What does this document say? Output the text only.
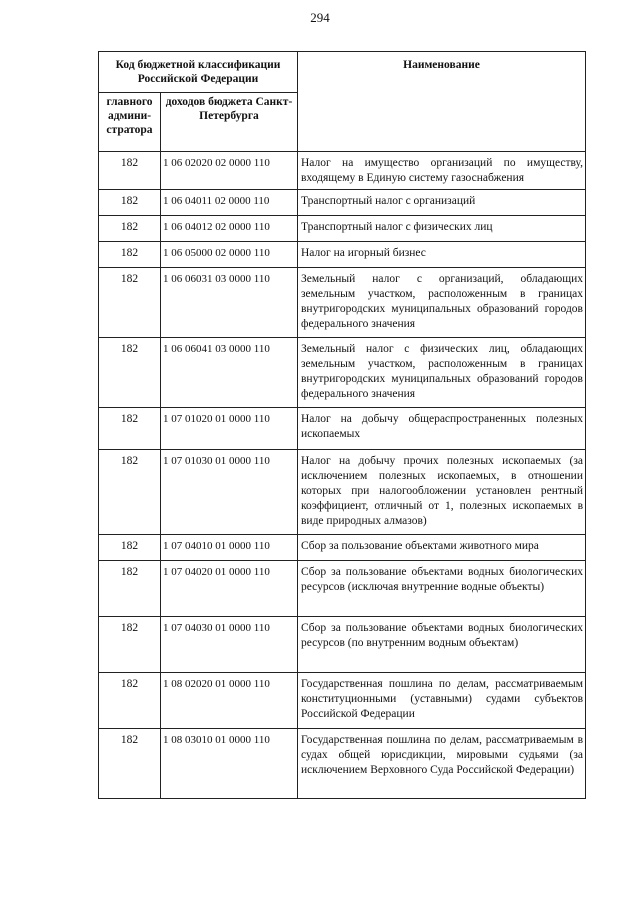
294
Код бюджетной классификации Российской Федерации		Наименование
главного админи-стратора	доходов бюджета Санкт-Петербурга	
182	1 06 02020 02 0000 110	Налог на имущество организаций по имуществу, входящему в Единую систему газоснабжения
182	1 06 04011 02 0000 110	Транспортный налог с организаций
182	1 06 04012 02 0000 110	Транспортный налог с физических лиц
182	1 06 05000 02 0000 110	Налог на игорный бизнес
182	1 06 06031 03 0000 110	Земельный налог с организаций, обладающих земельным участком, расположенным в границах внутригородских муниципальных образований городов федерального значения
182	1 06 06041 03 0000 110	Земельный налог с физических лиц, обладающих земельным участком, расположенным в границах внутригородских муниципальных образований городов федерального значения
182	1 07 01020 01 0000 110	Налог на добычу общераспространенных полезных ископаемых
182	1 07 01030 01 0000 110	Налог на добычу прочих полезных ископаемых (за исключением полезных ископаемых, в отношении которых при налогообложении установлен рентный коэффициент, отличный от 1, полезных ископаемых в виде природных алмазов)
182	1 07 04010 01 0000 110	Сбор за пользование объектами животного мира
182	1 07 04020 01 0000 110	Сбор за пользование объектами водных биологических ресурсов (исключая внутренние водные объекты)
182	1 07 04030 01 0000 110	Сбор за пользование объектами водных биологических ресурсов (по внутренним водным объектам)
182	1 08 02020 01 0000 110	Государственная пошлина по делам, рассматриваемым конституционными (уставными) судами субъектов Российской Федерации
182	1 08 03010 01 0000 110	Государственная пошлина по делам, рассматриваемым в судах общей юрисдикции, мировыми судьями (за исключением Верховного Суда Российской Федерации)
